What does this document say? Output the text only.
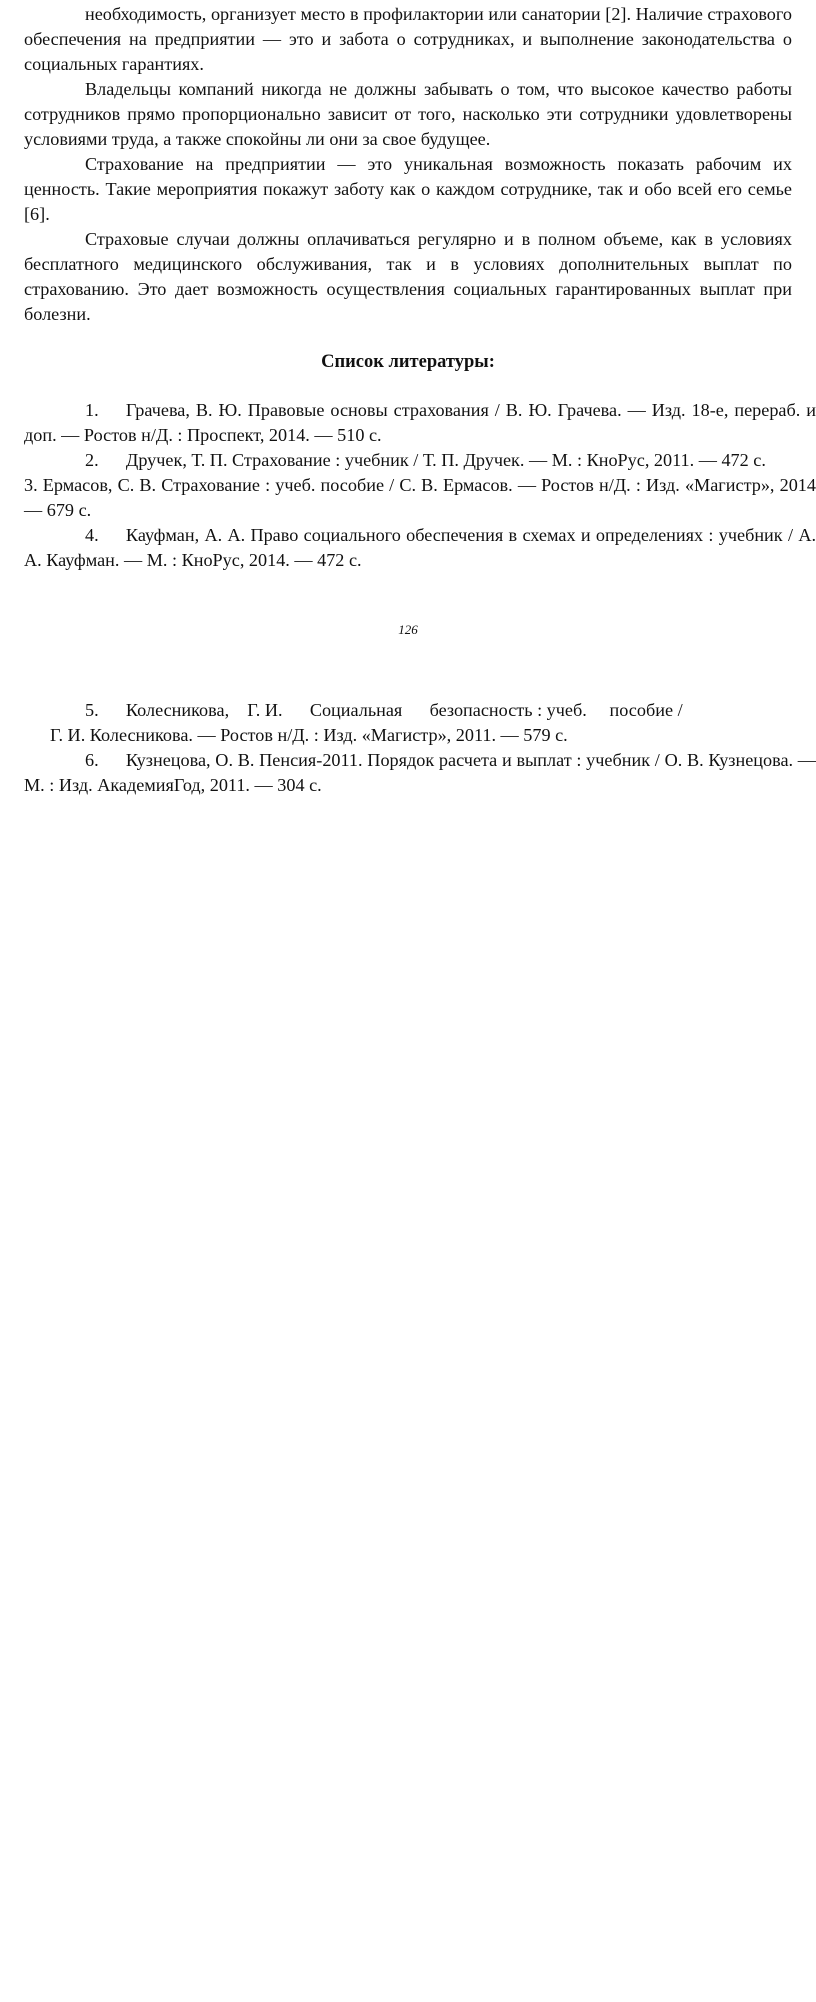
необходимость, организует место в профилактории или санатории [2]. Наличие страхового обеспечения на предприятии — это и забота о сотрудниках, и выполнение законодательства о социальных гарантиях.

Владельцы компаний никогда не должны забывать о том, что высокое качество работы сотрудников прямо пропорционально зависит от того, насколько эти сотрудники удовлетворены условиями труда, а также спокойны ли они за свое будущее.

Страхование на предприятии — это уникальная возможность показать рабочим их ценность. Такие мероприятия покажут заботу как о каждом сотруднике, так и обо всей его семье [6].

Страховые случаи должны оплачиваться регулярно и в полном объеме, как в условиях бесплатного медицинского обслуживания, так и в условиях дополнительных выплат по страхованию. Это дает возможность осуществления социальных гарантированных выплат при болезни.

Список литературы:

1.  Грачева, В. Ю. Правовые основы страхования / В. Ю. Грачева. — Изд. 18-е, перераб. и доп. — Ростов н/Д. : Проспект, 2014. — 510 с.

2.  Дручек, Т. П. Страхование : учебник / Т. П. Дручек. — М. : КноРус, 2011. — 472 с.

3. Ермасов, С. В. Страхование : учеб. пособие / С. В. Ермасов. — Ростов н/Д. : Изд. «Магистр», 2014 — 679 с.

4.  Кауфман, А. А. Право социального обеспечения в схемах и определениях : учебник / А. А. Кауфман. — М. : КноРус, 2014. — 472 с.

126

5.  Колесникова, Г. И.  Социальная  безопасность : учеб.  пособие /

Г. И. Колесникова. — Ростов н/Д. : Изд. «Магистр», 2011. — 579 с.

6.  Кузнецова, О. В. Пенсия-2011. Порядок расчета и выплат : учебник / О. В. Кузнецова. — М. : Изд. АкадемияГод, 2011. — 304 с.
